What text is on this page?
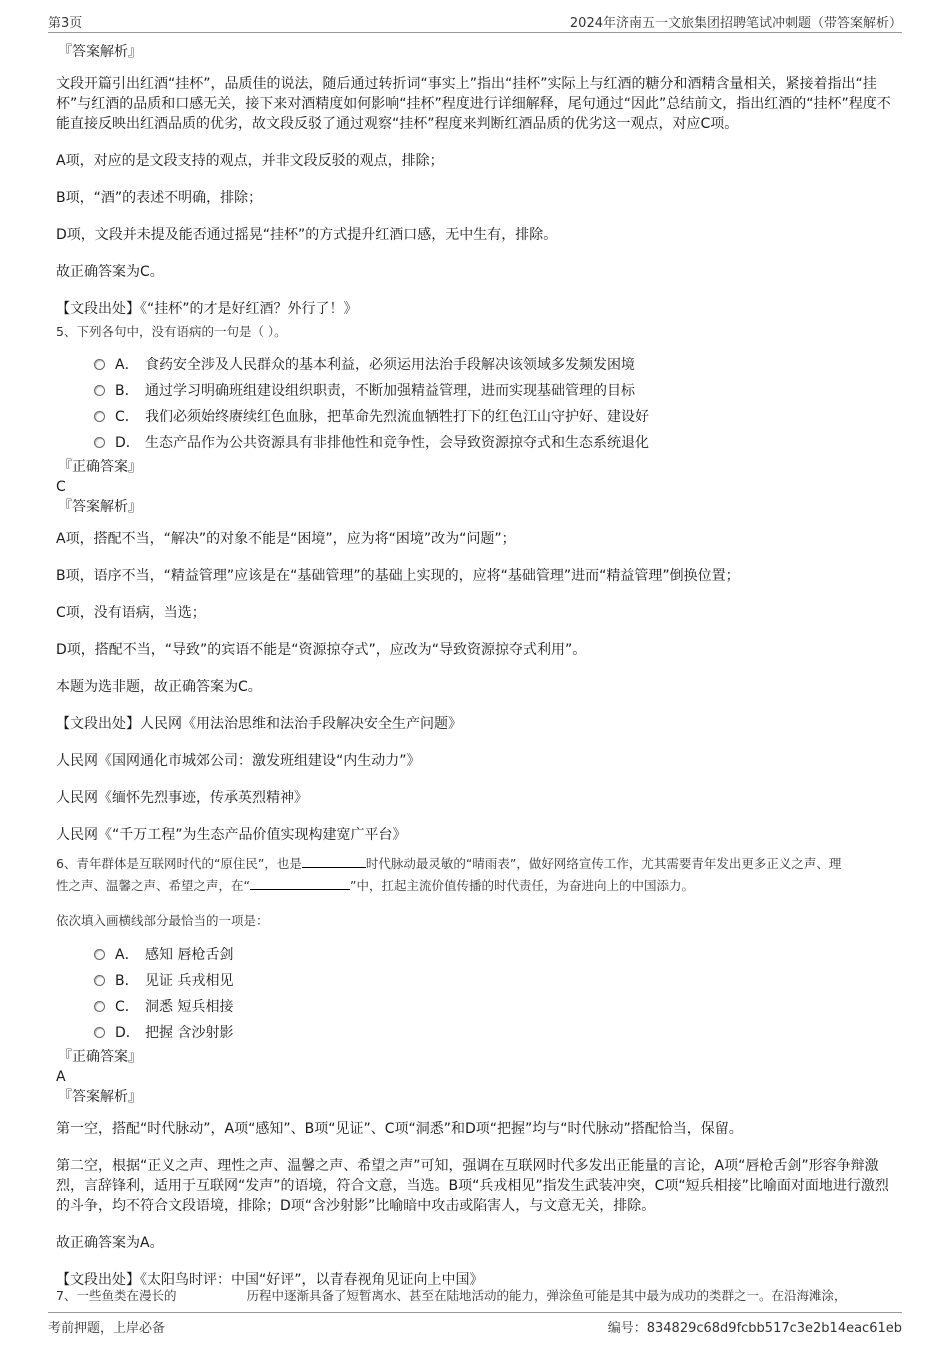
第3页	2024年济南五一文旅集团招聘笔试冲刺题（带答案解析）
『答案解析』

文段开篇引出红酒“挂杯”，品质佳的说法，随后通过转折词“事实上”指出“挂杯”实际上与红酒的糖分和酒精含量相关，紧接着指出“挂杯”与红酒的品质和口感无关，接下来对酒精度如何影响“挂杯”程度进行详细解释，尾句通过“因此”总结前文，指出红酒的“挂杯”程度不能直接反映出红酒品质的优劣，故文段反驳了通过观察“挂杯”程度来判断红酒品质的优劣这一观点，对应C项。

A项，对应的是文段支持的观点，并非文段反驳的观点，排除；

B项，“酒”的表述不明确，排除；

D项，文段并未提及能否通过摇晃“挂杯”的方式提升红酒口感，无中生有，排除。

故正确答案为C。

【文段出处】《“挂杯”的才是好红酒？外行了！》

5、下列各句中，没有语病的一句是（ ）。

A． 食药安全涉及人民群众的基本利益，必须运用法治手段解决该领域多发频发困境
B． 通过学习明确班组建设组织职责，不断加强精益管理，进而实现基础管理的目标
C． 我们必须始终赓续红色血脉，把革命先烈流血牺牲打下的红色江山守护好、建设好
D． 生态产品作为公共资源具有非排他性和竞争性，会导致资源掠夺式和生态系统退化
『正确答案』
C
『答案解析』

A项，搭配不当，“解决”的对象不能是“困境”，应为将“困境”改为“问题”；

B项，语序不当，“精益管理”应该是在“基础管理”的基础上实现的，应将“基础管理”进而“精益管理”倒换位置；

C项，没有语病，当选；

D项，搭配不当，“导致”的宾语不能是“资源掠夺式”，应改为“导致资源掠夺式利用”。

本题为选非题，故正确答案为C。

【文段出处】人民网《用法治思维和法治手段解决安全生产问题》

人民网《国网通化市城郊公司：激发班组建设“内生动力”》

人民网《缅怀先烈事迹，传承英烈精神》

人民网《“千万工程”为生态产品价值实现构建宽广平台》

6、青年群体是互联网时代的“原住民”，也是	时代脉动最灵敏的“晴雨表”，做好网络宣传工作，尤其需要青年发出更多正义之声、理
性之声、温馨之声、希望之声，在“	”中，扛起主流价值传播的时代责任，为奋进向上的中国添力。

依次填入画横线部分最恰当的一项是：

A． 感知 唇枪舌剑
B． 见证 兵戎相见
C． 洞悉 短兵相接
D． 把握 含沙射影
『正确答案』
A
『答案解析』

第一空，搭配“时代脉动”，A项“感知”、B项“见证”、C项“洞悉”和D项“把握”均与“时代脉动”搭配恰当，保留。

第二空，根据“正义之声、理性之声、温馨之声、希望之声”可知，强调在互联网时代多发出正能量的言论，A项“唇枪舌剑”形容争辩激烈，言辞锋利，适用于互联网“发声”的语境，符合文意，当选。B项“兵戎相见”指发生武装冲突，C项“短兵相接”比喻面对面地进行激烈的斗争，均不符合文段语境，排除；D项“含沙射影”比喻暗中攻击或陷害人，与文意无关，排除。

故正确答案为A。

【文段出处】《太阳鸟时评：中国“好评”，以青春视角见证向上中国》

7、一些鱼类在漫长的	历程中逐渐具备了短暂离水、甚至在陆地活动的能力，弹涂鱼可能是其中最为成功的类群之一。在沿海滩涂，
考前押题，上岸必备	编号：834829c68d9fcbb517c3e2b14eac61eb
